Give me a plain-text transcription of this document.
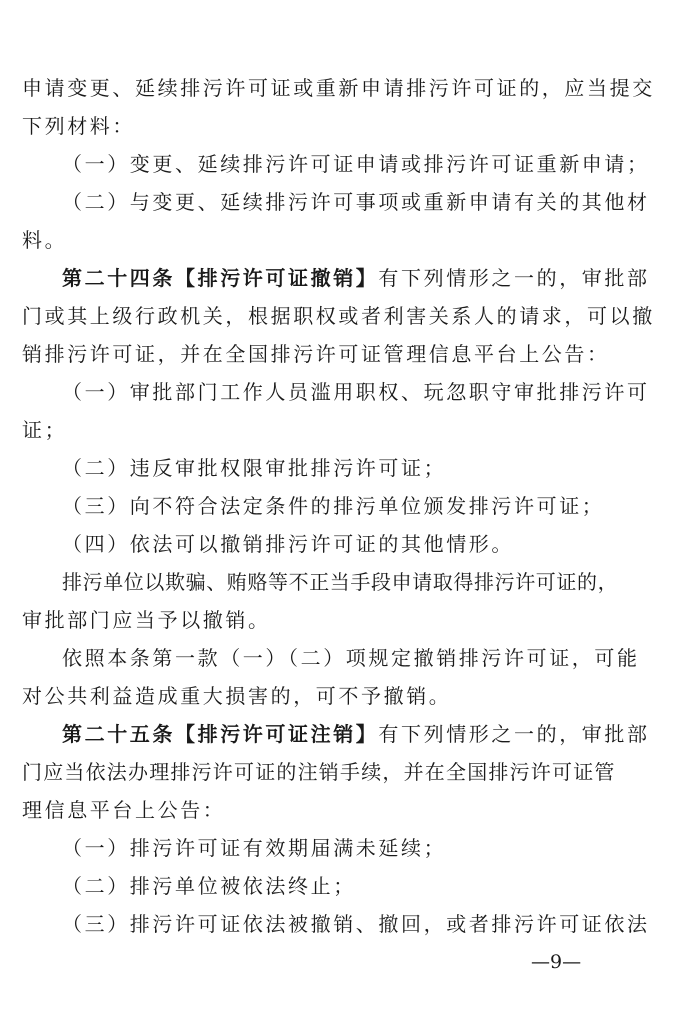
申请变更、延续排污许可证或重新申请排污许可证的，应当提交
下列材料：
（一）变更、延续排污许可证申请或排污许可证重新申请；
（二）与变更、延续排污许可事项或重新申请有关的其他材
料。
第二十四条【排污许可证撤销】有下列情形之一的，审批部
门或其上级行政机关，根据职权或者利害关系人的请求，可以撤
销排污许可证，并在全国排污许可证管理信息平台上公告：
（一）审批部门工作人员滥用职权、玩忽职守审批排污许可
证；
（二）违反审批权限审批排污许可证；
（三）向不符合法定条件的排污单位颁发排污许可证；
（四）依法可以撤销排污许可证的其他情形。
排污单位以欺骗、贿赂等不正当手段申请取得排污许可证的，
审批部门应当予以撤销。
依照本条第一款（一）（二）项规定撤销排污许可证，可能
对公共利益造成重大损害的，可不予撤销。
第二十五条【排污许可证注销】有下列情形之一的，审批部
门应当依法办理排污许可证的注销手续，并在全国排污许可证管
理信息平台上公告：
（一）排污许可证有效期届满未延续；
（二）排污单位被依法终止；
（三）排污许可证依法被撤销、撤回，或者排污许可证依法
—9—
